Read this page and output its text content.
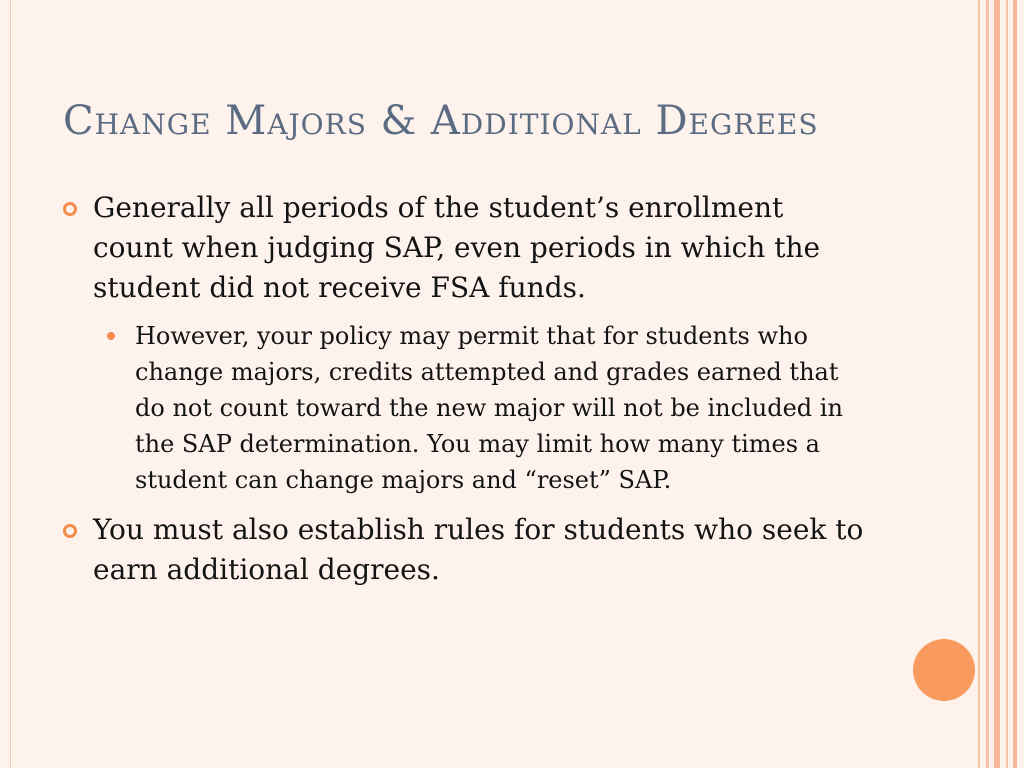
Change Majors & Additional Degrees
Generally all periods of the student’s enrollment count when judging SAP, even periods in which the student did not receive FSA funds.
However, your policy may permit that for students who change majors, credits attempted and grades earned that do not count toward the new major will not be included in the SAP determination. You may limit how many times a student can change majors and “reset” SAP.
You must also establish rules for students who seek to earn additional degrees.
